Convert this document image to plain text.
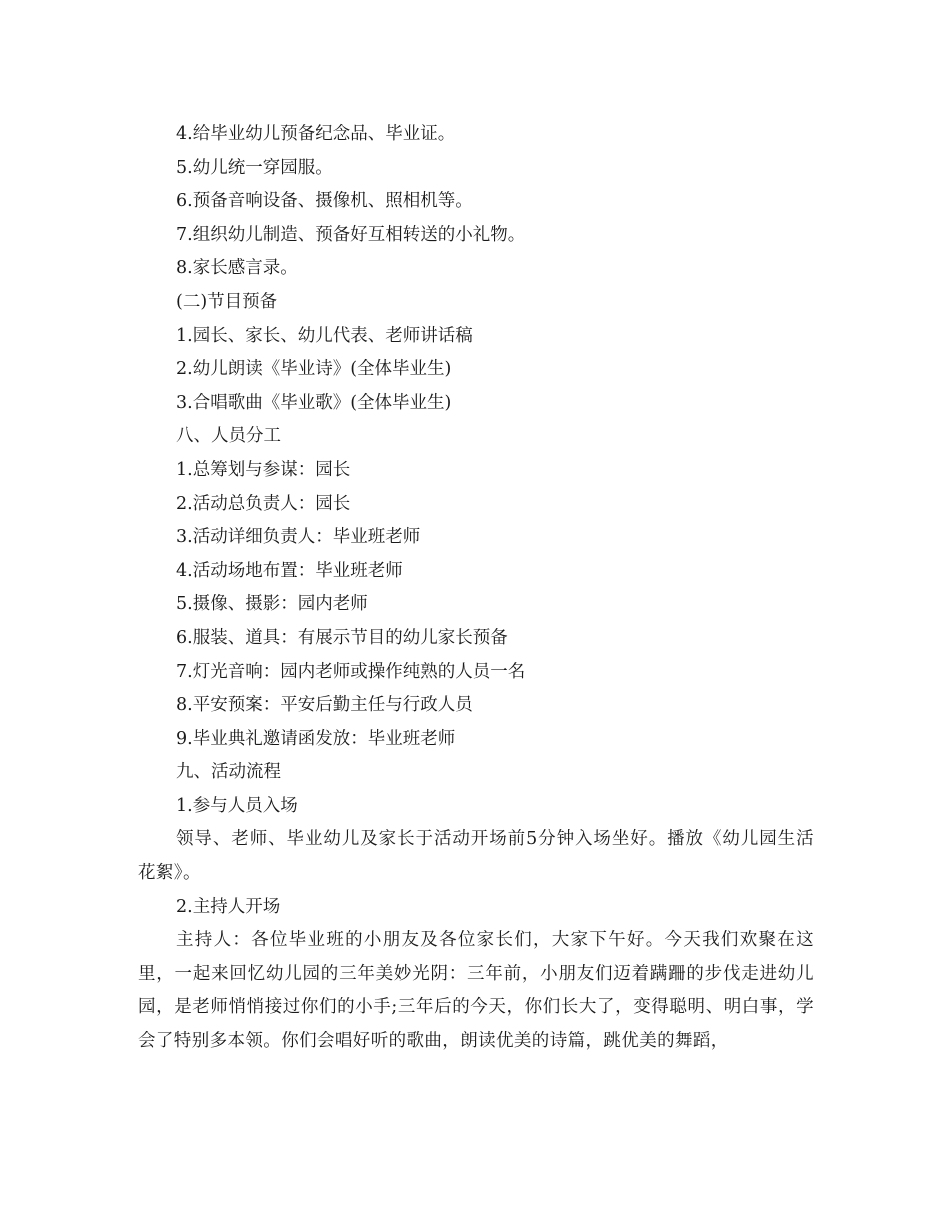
4.给毕业幼儿预备纪念品、毕业证。
5.幼儿统一穿园服。
6.预备音响设备、摄像机、照相机等。
7.组织幼儿制造、预备好互相转送的小礼物。
8.家长感言录。
(二)节目预备
1.园长、家长、幼儿代表、老师讲话稿
2.幼儿朗读《毕业诗》(全体毕业生)
3.合唱歌曲《毕业歌》(全体毕业生)
八、人员分工
1.总筹划与参谋：园长
2.活动总负责人：园长
3.活动详细负责人：毕业班老师
4.活动场地布置：毕业班老师
5.摄像、摄影：园内老师
6.服装、道具：有展示节目的幼儿家长预备
7.灯光音响：园内老师或操作纯熟的人员一名
8.平安预案：平安后勤主任与行政人员
9.毕业典礼邀请函发放：毕业班老师
九、活动流程
1.参与人员入场

领导、老师、毕业幼儿及家长于活动开场前5分钟入场坐好。播放《幼儿园生活花絮》。

2.主持人开场

主持人：各位毕业班的小朋友及各位家长们，大家下午好。今天我们欢聚在这里，一起来回忆幼儿园的三年美妙光阴：三年前，小朋友们迈着蹒跚的步伐走进幼儿园，是老师悄悄接过你们的小手;三年后的今天，你们长大了，变得聪明、明白事，学会了特别多本领。你们会唱好听的歌曲，朗读优美的诗篇，跳优美的舞蹈，
